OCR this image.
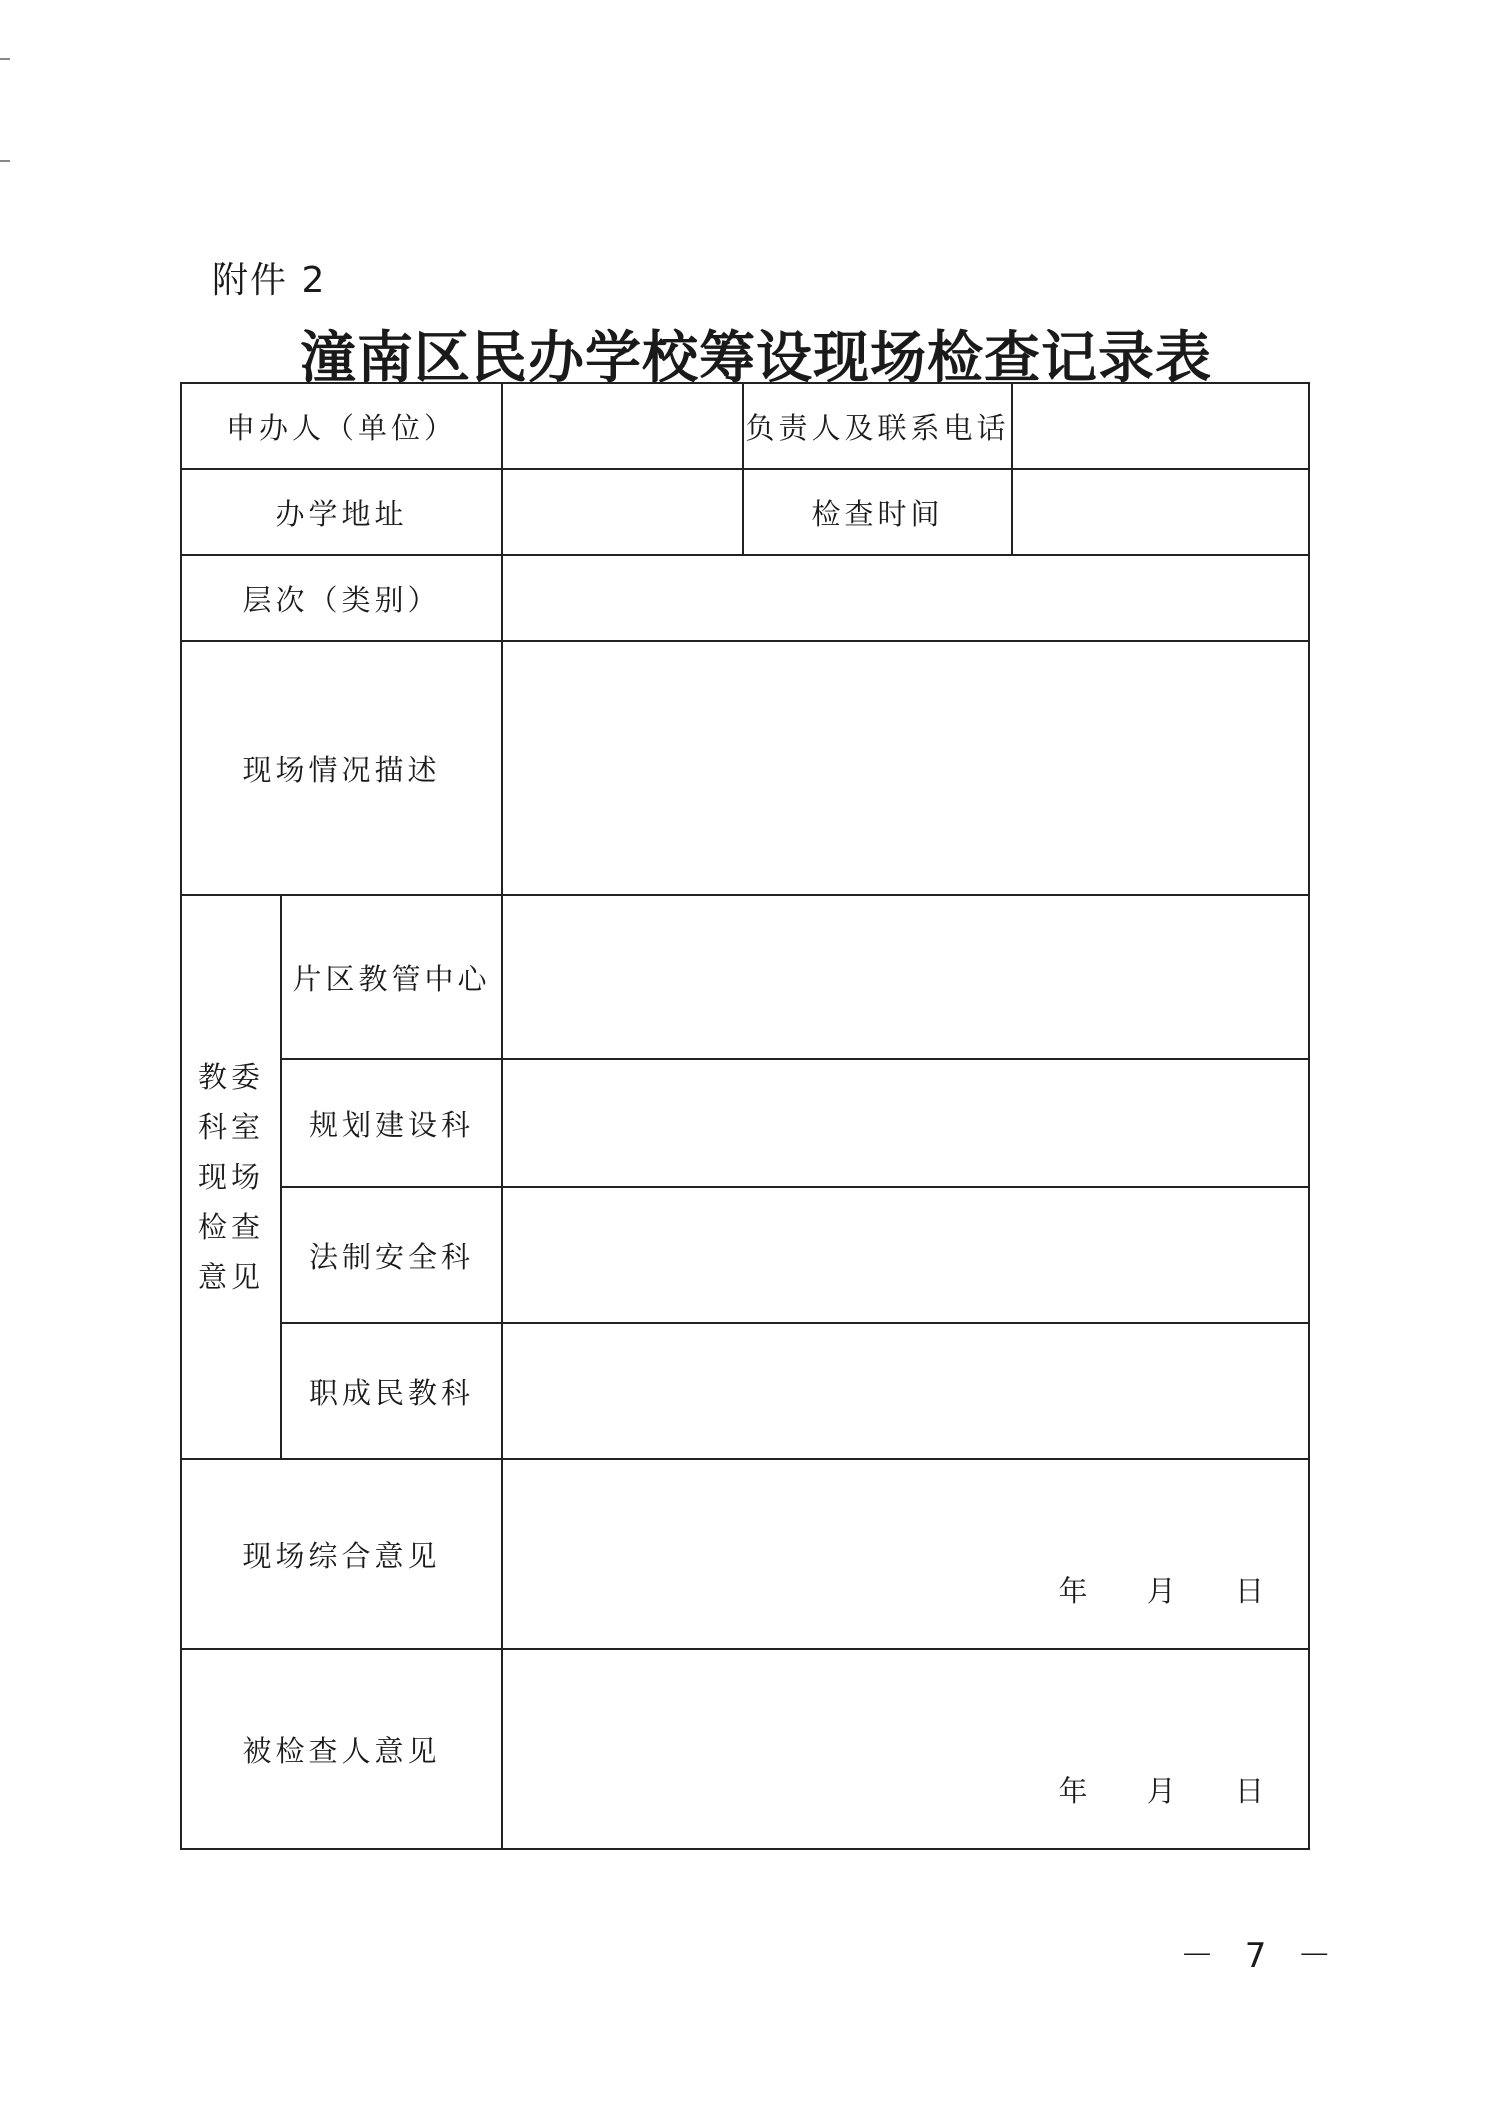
附件 2
潼南区民办学校筹设现场检查记录表
申办人（单位）			负责人及联系电话	
办学地址			检查时间	
层次（类别）				
现场情况描述				

教委
科室
现场
检查
意见	片区教管中心			
	规划建设科			
	法制安全科			
	职成民教科			
现场综合意见		年 月 日		

被检查人意见		年 月 日		
－ 7 －
